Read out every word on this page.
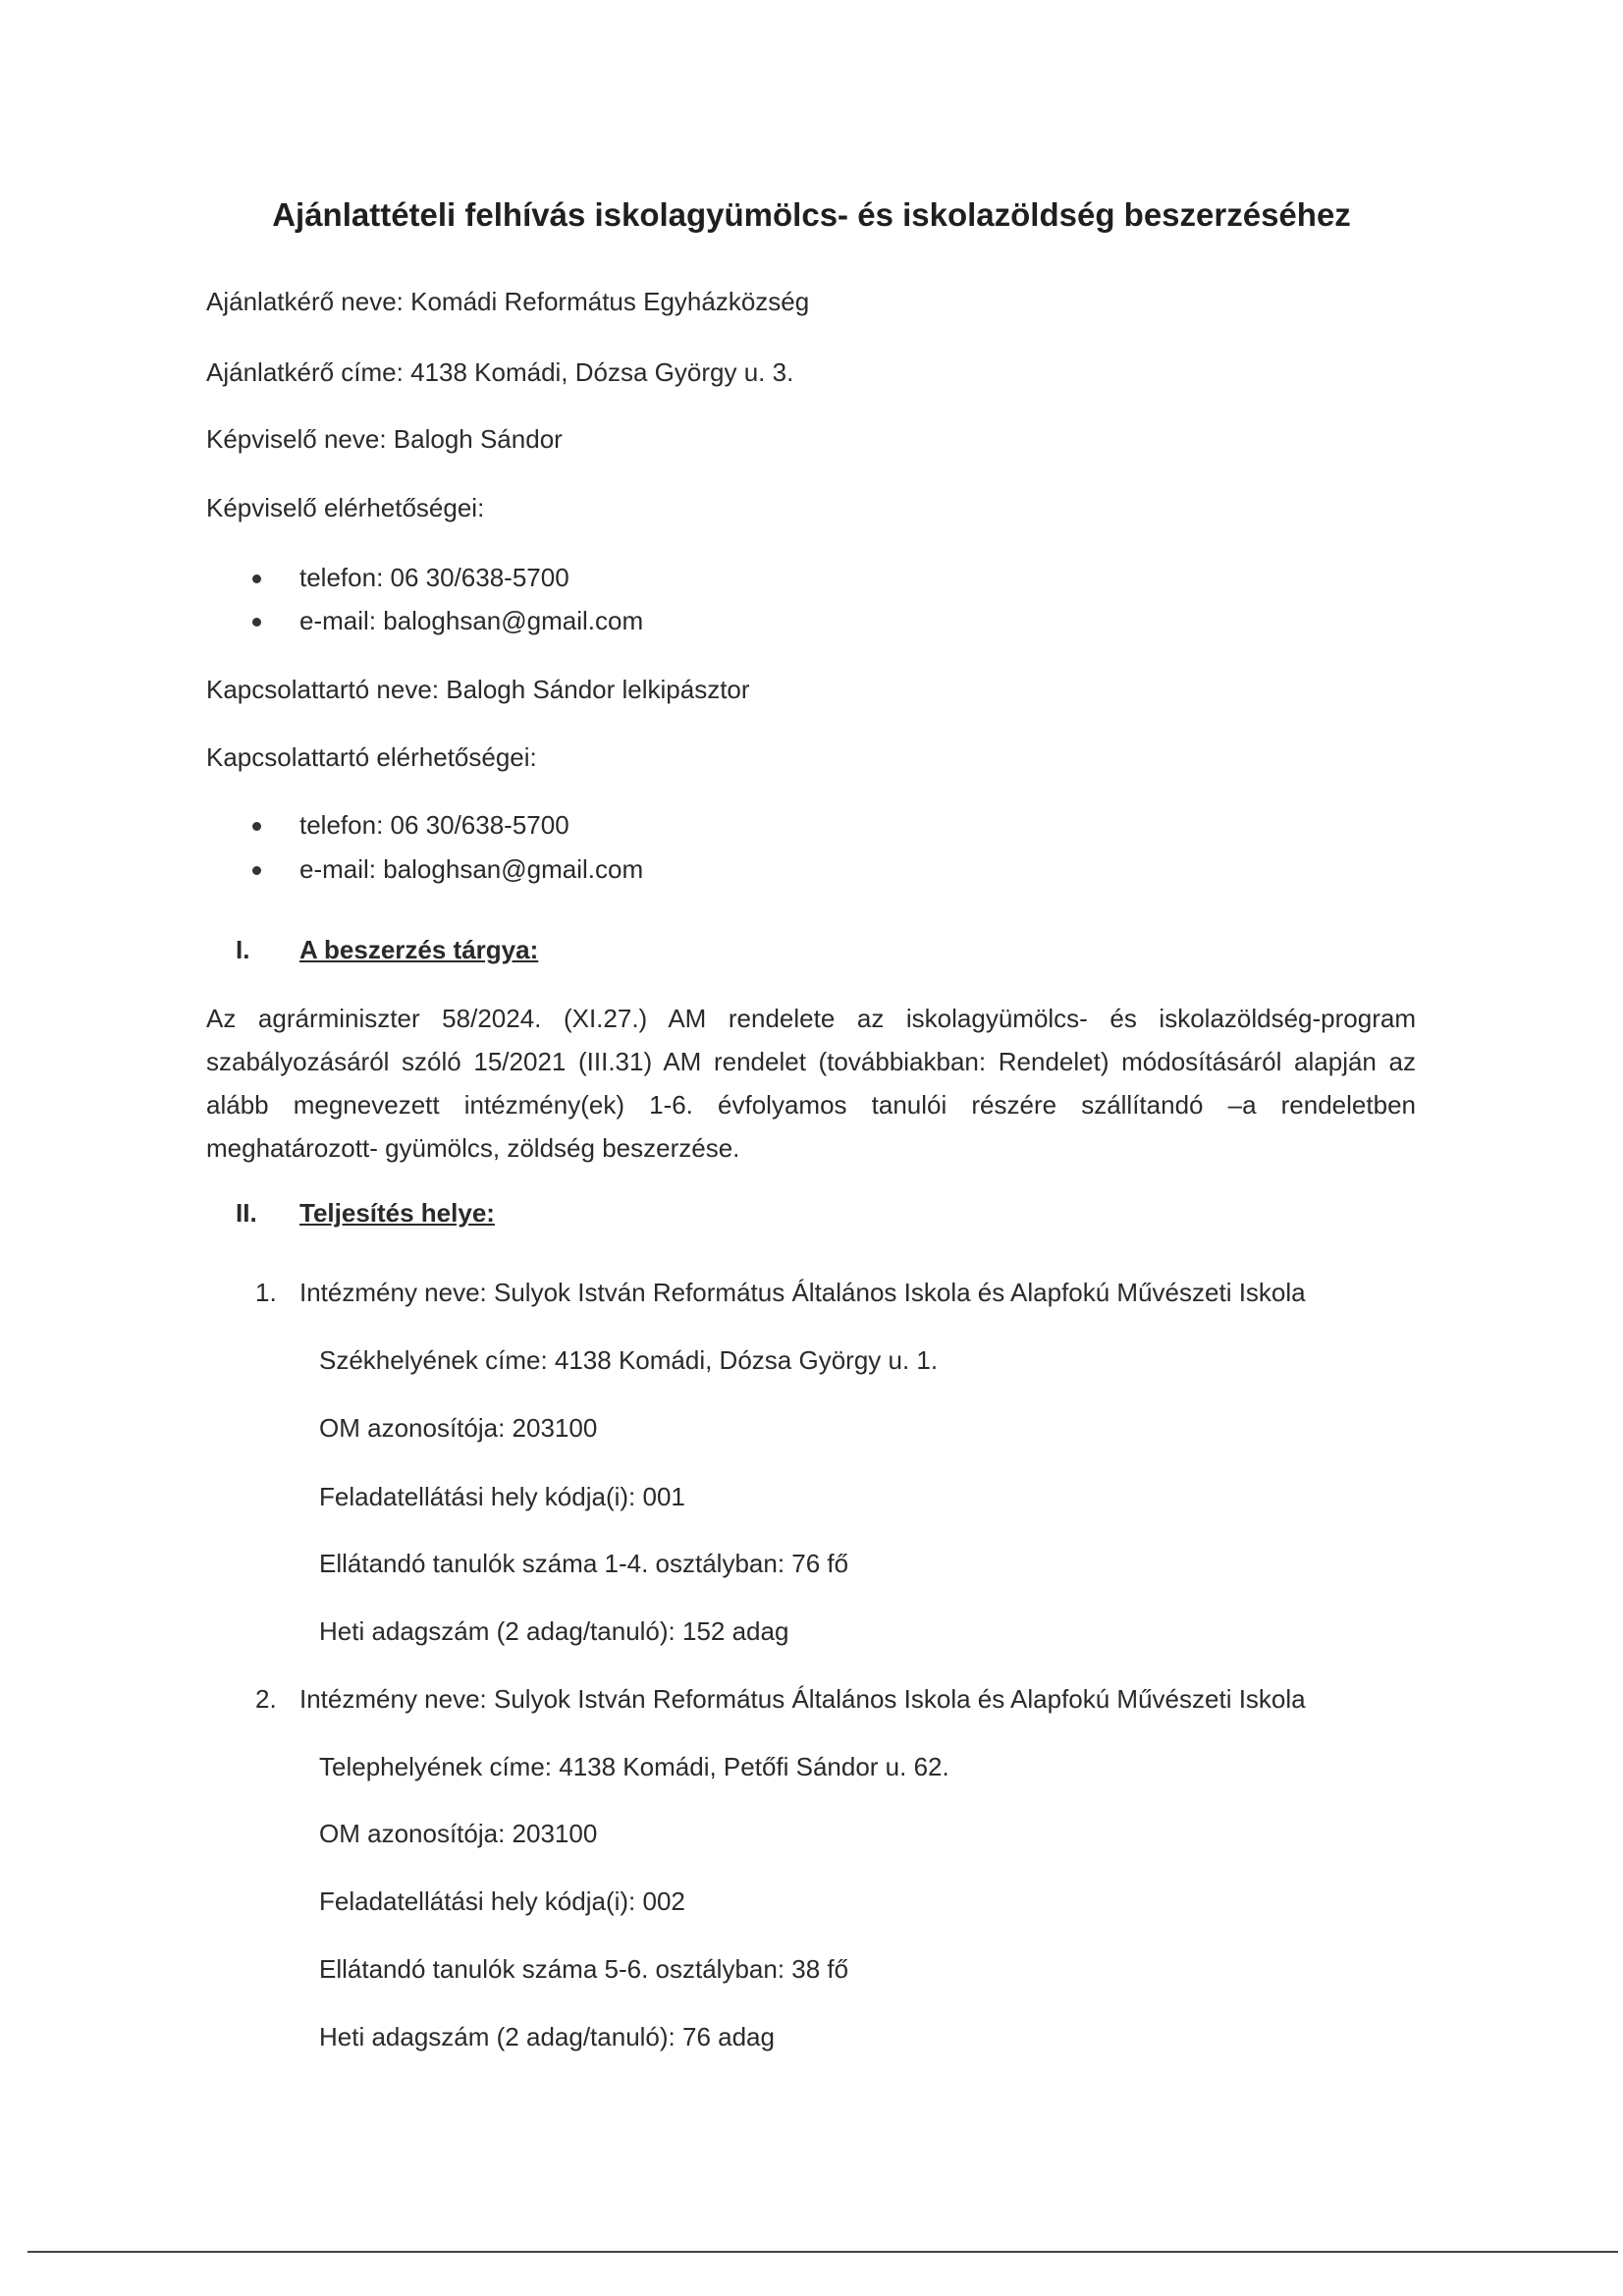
Ajánlattételi felhívás iskolagyümölcs- és iskolazöldség beszerzéséhez
Ajánlatkérő neve: Komádi Református Egyházközség
Ajánlatkérő címe: 4138 Komádi, Dózsa György u. 3.
Képviselő neve: Balogh Sándor
Képviselő elérhetőségei:
telefon: 06 30/638-5700
e-mail: baloghsan@gmail.com
Kapcsolattartó neve: Balogh Sándor lelkipásztor
Kapcsolattartó elérhetőségei:
telefon: 06 30/638-5700
e-mail: baloghsan@gmail.com
I. A beszerzés tárgya:
Az agrárminiszter 58/2024. (XI.27.) AM rendelete az iskolagyümölcs- és iskolazöldség-program szabályozásáról szóló 15/2021 (III.31) AM rendelet (továbbiakban: Rendelet) módosításáról alapján az alább megnevezett intézmény(ek) 1-6. évfolyamos tanulói részére szállítandó –a rendeletben meghatározott- gyümölcs, zöldség beszerzése.
II. Teljesítés helye:
1. Intézmény neve: Sulyok István Református Általános Iskola és Alapfokú Művészeti Iskola
Székhelyének címe: 4138 Komádi, Dózsa György u. 1.
OM azonosítója: 203100
Feladatellátási hely kódja(i): 001
Ellátandó tanulók száma 1-4. osztályban: 76 fő
Heti adagszám (2 adag/tanuló): 152 adag
2. Intézmény neve: Sulyok István Református Általános Iskola és Alapfokú Művészeti Iskola
Telephelyének címe: 4138 Komádi, Petőfi Sándor u. 62.
OM azonosítója: 203100
Feladatellátási hely kódja(i): 002
Ellátandó tanulók száma 5-6. osztályban: 38 fő
Heti adagszám (2 adag/tanuló): 76 adag
